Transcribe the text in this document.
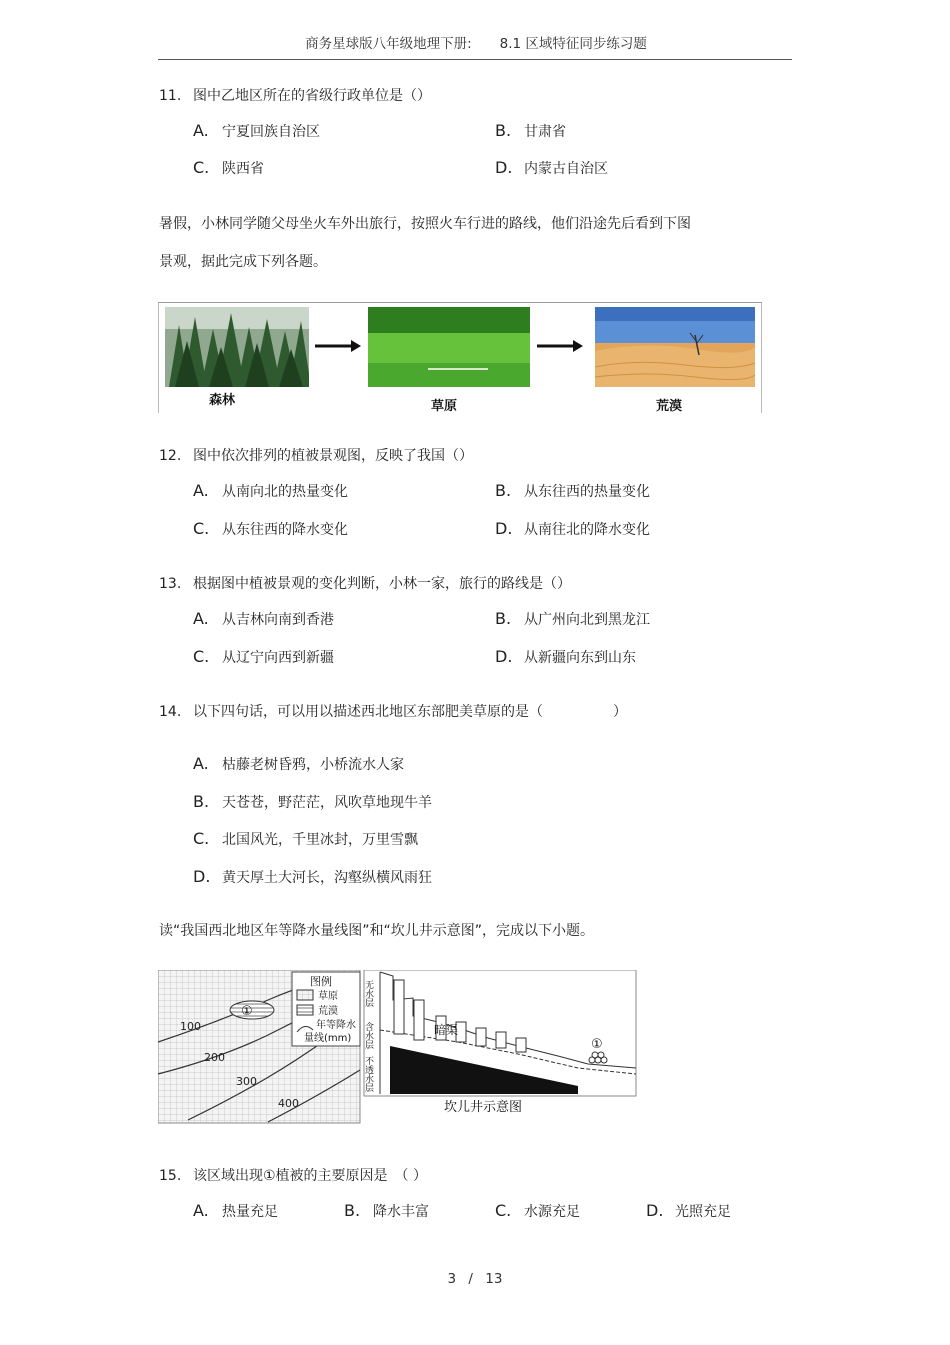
商务星球版八年级地理下册: 8.1 区域特征同步练习题
11. 图中乙地区所在的省级行政单位是（）
A. 宁夏回族自治区	B. 甘肃省
C. 陕西省	D. 内蒙古自治区
暑假，小林同学随父母坐火车外出旅行，按照火车行进的路线，他们沿途先后看到下图
景观，据此完成下列各题。
森林	草原	荒漠
12. 图中依次排列的植被景观图，反映了我国（）
A. 从南向北的热量变化	B. 从东往西的热量变化
C. 从东往西的降水变化	D. 从南往北的降水变化
13. 根据图中植被景观的变化判断，小林一家，旅行的路线是（）
A. 从吉林向南到香港	B. 从广州向北到黑龙江
C. 从辽宁向西到新疆	D. 从新疆向东到山东
14. 以下四句话，可以用以描述西北地区东部肥美草原的是（　　　　　）
A. 枯藤老树昏鸦，小桥流水人家
B. 天苍苍，野茫茫，风吹草地现牛羊
C. 北国风光，千里冰封，万里雪飘
D. 黄天厚土大河长，沟壑纵横风雨狂
读“我国西北地区年等降水量线图”和“坎儿井示意图”，完成以下小题。
100
200
300
400
①
图例
草原
荒漠
年等降水
量线(mm)
无水层
含水层
不透水层
暗渠
①
坎儿井示意图
15. 该区域出现①植被的主要原因是　（ ）
A. 热量充足	B. 降水丰富	C. 水源充足	D. 光照充足
3 / 13
